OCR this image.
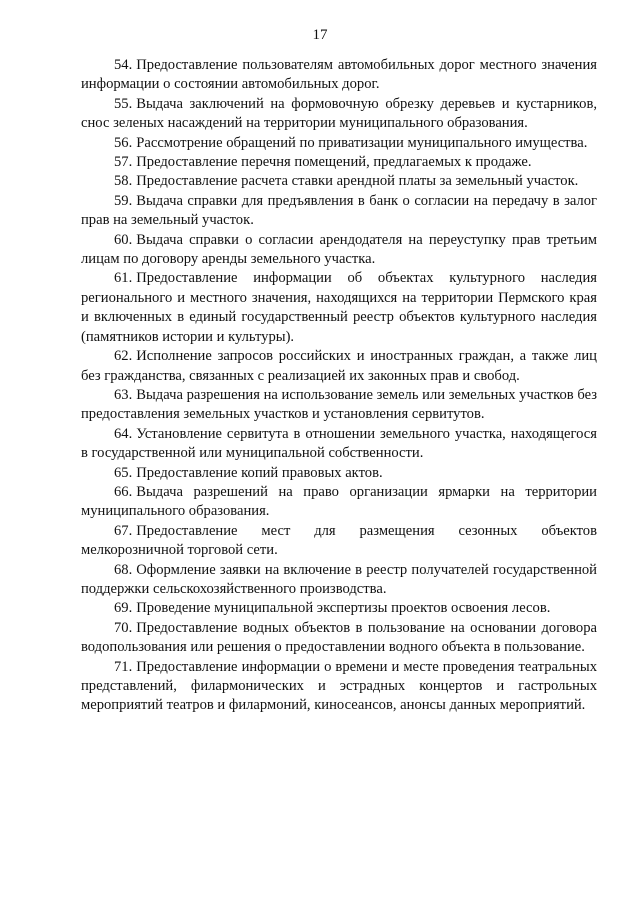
17

54. Предоставление пользователям автомобильных дорог местного значения информации о состоянии автомобильных дорог.

55. Выдача заключений на формовочную обрезку деревьев и кустарников, снос зеленых насаждений на территории муниципального образования.

56. Рассмотрение обращений по приватизации муниципального имущества.

57. Предоставление перечня помещений, предлагаемых к продаже.

58. Предоставление расчета ставки арендной платы за земельный участок.

59. Выдача справки для предъявления в банк о согласии на передачу в залог прав на земельный участок.

60. Выдача справки о согласии арендодателя на переуступку прав третьим лицам по договору аренды земельного участка.

61. Предоставление информации об объектах культурного наследия регионального и местного значения, находящихся на территории Пермского края и включенных в единый государственный реестр объектов культурного наследия (памятников истории и культуры).

62. Исполнение запросов российских и иностранных граждан, а также лиц без гражданства, связанных с реализацией их законных прав и свобод.

63. Выдача разрешения на использование земель или земельных участков без предоставления земельных участков и установления сервитутов.

64. Установление сервитута в отношении земельного участка, находящегося в государственной или муниципальной собственности.

65. Предоставление копий правовых актов.

66. Выдача разрешений на право организации ярмарки на территории муниципального образования.

67. Предоставление мест для размещения сезонных объектов мелкорозничной торговой сети.

68. Оформление заявки на включение в реестр получателей государственной поддержки сельскохозяйственного производства.

69. Проведение муниципальной экспертизы проектов освоения лесов.

70. Предоставление водных объектов в пользование на основании договора водопользования или решения о предоставлении водного объекта в пользование.

71. Предоставление информации о времени и месте проведения театральных представлений, филармонических и эстрадных концертов и гастрольных мероприятий театров и филармоний, киносеансов, анонсы данных мероприятий.
